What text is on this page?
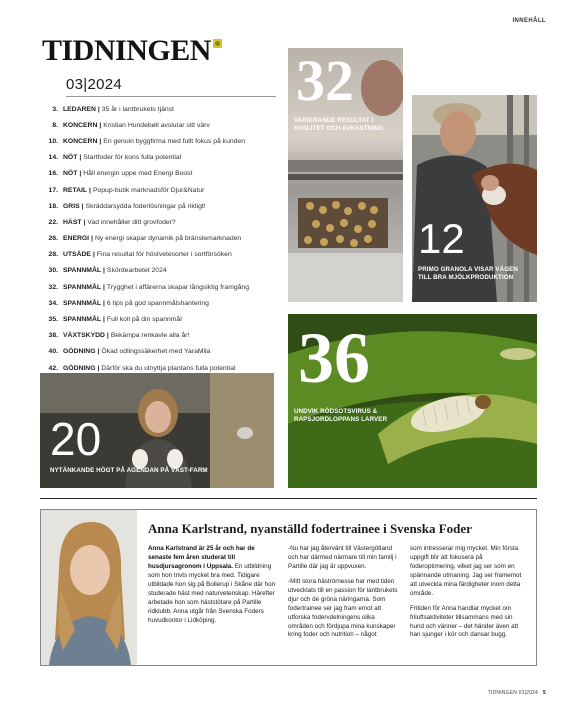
INNEHÅLL
TIDNINGEN
03|2024
3. LEDAREN | 35 år i lantbrukets tjänst
8. KONCERN | Kristian Hundebøll avslutar sitt värv
10. KONCERN | En genuin byggfirma med fullt fokus på kunden
14. NÖT | Startfoder för kons fulla potential
16. NÖT | Håll energin uppe med Energi Boost
17. RETAIL | Popup-butik marknadsför Djur&Natur
18. GRIS | Skräddarsydda foderlösningar på riktigt!
22. HÄST | Vad innehåller ditt grovfoder?
26. ENERGI | Ny energi skapar dynamik på bränslemarknaden
28. UTSÄDE | Fina resultat för höstvetesorter i sortförsöken
30. SPANNMÅL | Skördearbetet 2024
32. SPANNMÅL | Trygghet i affärerna skapar långsiktig framgång
34. SPANNMÅL | 6 tips på god spannmålshantering
35. SPANNMÅL | Full koll på din spannmål
38. VÄXTSKYDD | Bekämpa renkavle alla år!
40. GÖDNING | Ökad odlingssäkerhet med YaraMila
42. GÖDNING | Därför ska du utnyttja plantans fulla potential
32
VARIERANDE RESULTAT I KVALITET OCH AVKASTNING
12
PRIMO GRANOLA VISAR VÄGEN TILL BRA MJÖLKPRODUKTION
36
UNDVIK RÖDSOTSVIRUS & RAPSJORDLOPPANS LARVER
20
NYTÄNKANDE HÖGT PÅ AGENDAN PÅ VÄST-FARM
Anna Karlstrand, nyanställd fodertrainee i Svenska Foder

Anna Karlstrand är 25 år och har de senaste fem åren studerat till husdjursagronom i Uppsala. En utbildning som hon trivts mycket bra med. Tidigare utbildade hon sig på Bollerup i Skåne där hon studerade häst med naturvetenskap. Härefter arbetade hon som häststötare på Partille ridklubb. Anna utgår från Svenska Foders huvudkontor i Lidköping.

-Nu har jag återvänt till Västergötland och har därmed närmare till min familj i Partille där jag är uppvuxen.

-Mitt stora häströrnesse har med tiden utvecklats till en passion för lantbrukets djur och de gröna näringarna. Som fodertrainee ser jag fram emot att utforska fodervdelningens olika områden och fördjupa mina kunskaper kring foder och nutrition – något

som intresserar mig mycket. Min första uppgift blir att fokusera på foderoptimering, vilket jag ser som en spännande utmaning. Jag ser framemot att utveckla mina färdigheter inom detta område.

Fritiden för Anna handlar mycket om friluftsaktiviteter tillsammans med sin hund och vänner – det händer även att han sjunger i kör och dansar bugg.

TIDNINGEN 03|2024 5
